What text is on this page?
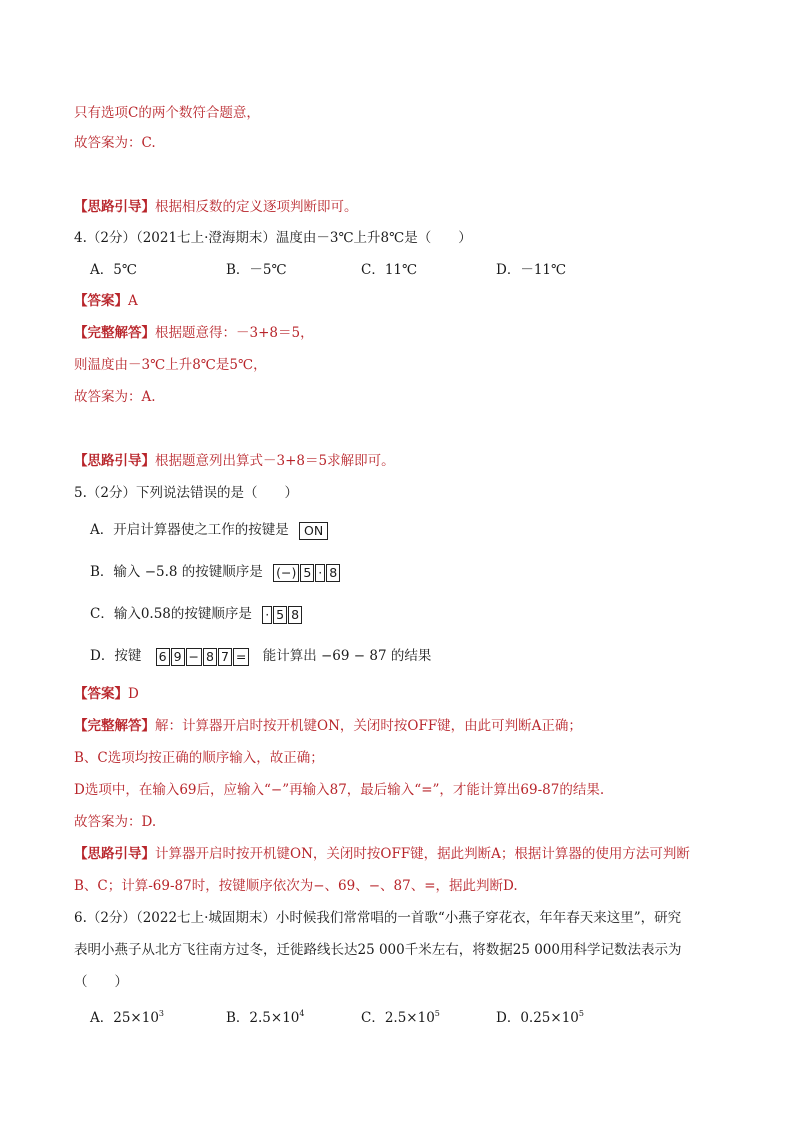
只有选项C的两个数符合题意，
故答案为：C.
【思路引导】根据相反数的定义逐项判断即可。
4.（2分）（2021七上·澄海期末）温度由－3℃上升8℃是（　　）
A．5℃	B．－5℃	C．11℃	D．－11℃
【答案】A
【完整解答】根据题意得：－3+8＝5，
则温度由－3℃上升8℃是5℃，
故答案为：A.
【思路引导】根据题意列出算式－3+8＝5求解即可。
5.（2分）下列说法错误的是（　　）
A．开启计算器使之工作的按键是 ON
B．输入 −5.8 的按键顺序是 (−) 5 · 8
C．输入0.58的按键顺序是 · 5 8
D．按键 6 9 − 8 7 = 能计算出 −69 − 87 的结果
【答案】D
【完整解答】解：计算器开启时按开机键ON，关闭时按OFF键，由此可判断A正确；
B、C选项均按正确的顺序输入，故正确；
D选项中，在输入69后，应输入“−”再输入87，最后输入“=”，才能计算出69-87的结果.
故答案为：D.
【思路引导】计算器开启时按开机键ON，关闭时按OFF键，据此判断A；根据计算器的使用方法可判断
B、C；计算-69-87时，按键顺序依次为−、69、−、87、=，据此判断D.
6.（2分）（2022七上·城固期末）小时候我们常常唱的一首歌“小燕子穿花衣，年年春天来这里”，研究
表明小燕子从北方飞往南方过冬，迁徙路线长达25 000千米左右，将数据25 000用科学记数法表示为
（　　）
A．$25\times 10^3$	B．$2.5\times 10^4$	C．$2.5\times 10^5$	D．$0.25\times 10^5$
